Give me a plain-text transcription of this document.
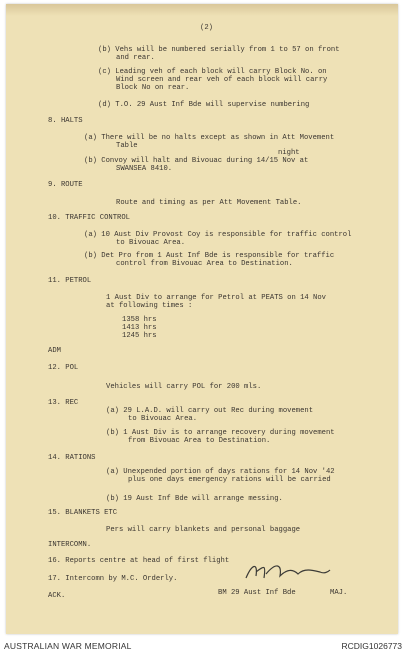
(2)
(b) Vehs will be numbered serially from 1 to 57 on front
and rear.
(c) Leading veh of each block will carry Block No. on
Wind screen and rear veh of each block will carry
Block No on rear.
(d) T.O. 29 Aust Inf Bde will supervise numbering
8. HALTS
(a) There will be no halts except as shown in Att Movement
Table
night
(b) Convoy will halt and Bivouac during 14/15 Nov at
SWANSEA 8410.
9. ROUTE
Route and timing as per Att Movement Table.
10. TRAFFIC CONTROL
(a) 10 Aust Div Provost Coy is responsible for traffic control
to Bivouac Area.
(b) Det Pro from 1 Aust Inf Bde is responsible for traffic
control from Bivouac Area to Destination.
11. PETROL
1 Aust Div to arrange for Petrol at PEATS on 14 Nov
at following times :
1358 hrs
1413 hrs
1245 hrs
ADM
12. POL
Vehicles will carry POL for 200 mls.
13. REC
(a) 29 L.A.D. will carry out Rec during movement
to Bivouac Area.
(b) 1 Aust Div is to arrange recovery during movement
from Bivouac Area to Destination.
14. RATIONS
(a) Unexpended portion of days rations for 14 Nov '42
plus one days emergency rations will be carried
(b) 19 Aust Inf Bde will arrange messing.
15. BLANKETS ETC
Pers will carry blankets and personal baggage
INTERCOMN.
16. Reports centre at head of first flight
17. Intercomn by M.C. Orderly.
ACK.	BM 29 Aust Inf Bde	MAJ.
AUSTRALIAN WAR MEMORIAL	RCDIG1026773
